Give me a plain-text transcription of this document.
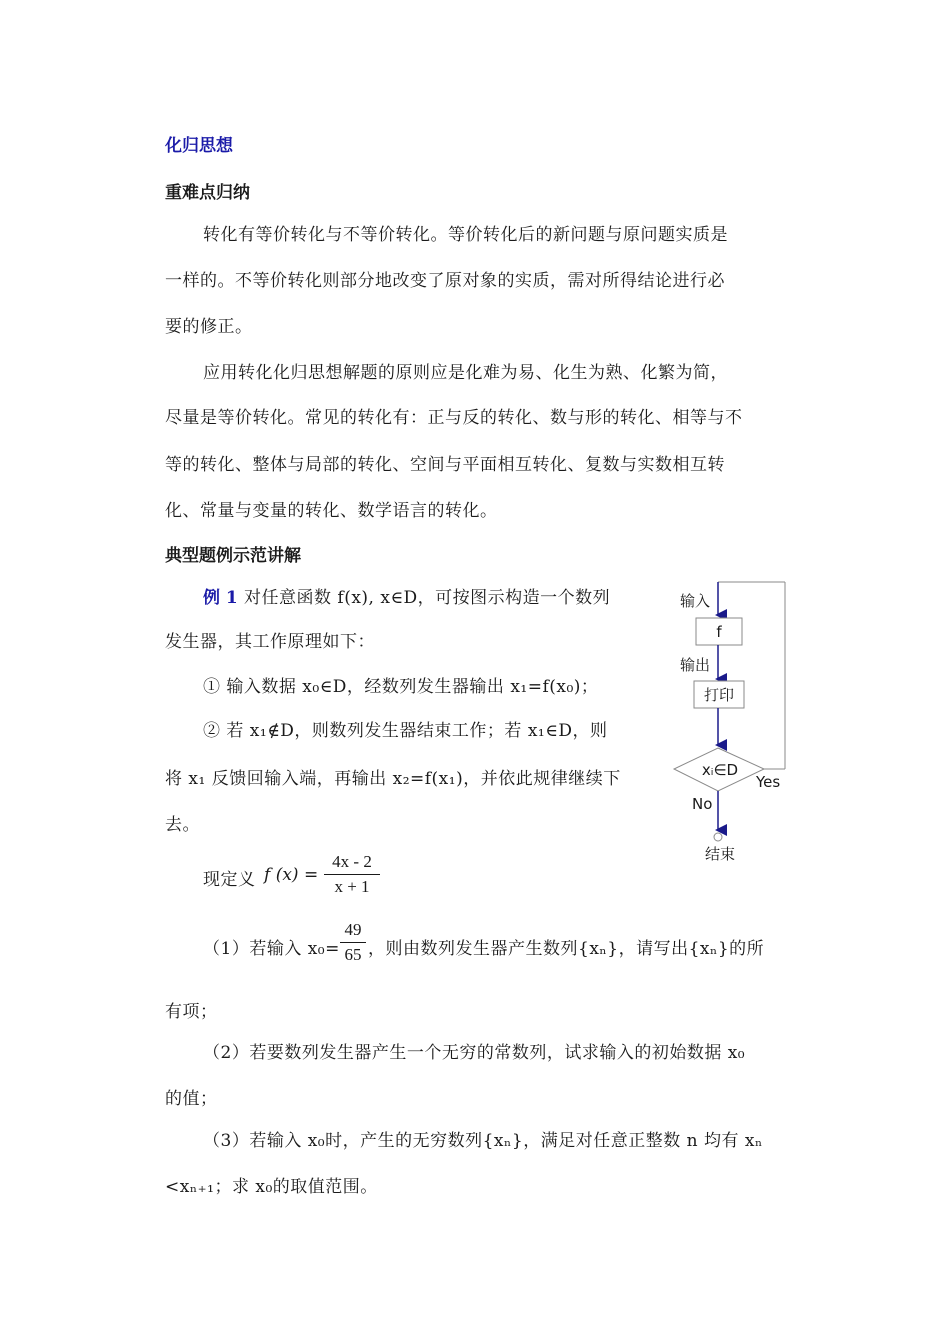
化归思想
重难点归纳
转化有等价转化与不等价转化。等价转化后的新问题与原问题实质是
一样的。不等价转化则部分地改变了原对象的实质，需对所得结论进行必
要的修正。
应用转化化归思想解题的原则应是化难为易、化生为熟、化繁为简，
尽量是等价转化。常见的转化有：正与反的转化、数与形的转化、相等与不
等的转化、整体与局部的转化、空间与平面相互转化、复数与实数相互转
化、常量与变量的转化、数学语言的转化。
典型题例示范讲解
例 1 对任意函数 f(x), x∈D，可按图示构造一个数列
发生器，其工作原理如下：
① 输入数据 x₀∈D，经数列发生器输出 x₁=f(x₀)；
② 若 x₁∉D，则数列发生器结束工作；若 x₁∈D，则
将 x₁ 反馈回输入端，再输出 x₂=f(x₁)，并依此规律继续下
去。
现定义 f (x) =
4x - 2
x + 1
（1）若输入 x₀=
49
65 ，则由数列发生器产生数列{xₙ}，请写出{xₙ}的所
有项；
（2）若要数列发生器产生一个无穷的常数列，试求输入的初始数据 x₀
的值；
（3）若输入 x₀时，产生的无穷数列{xₙ}，满足对任意正整数 n 均有 xₙ
<xₙ₊₁；求 x₀的取值范围。
输入
f
输出
打印
xᵢ∈D
Yes
No
结束
